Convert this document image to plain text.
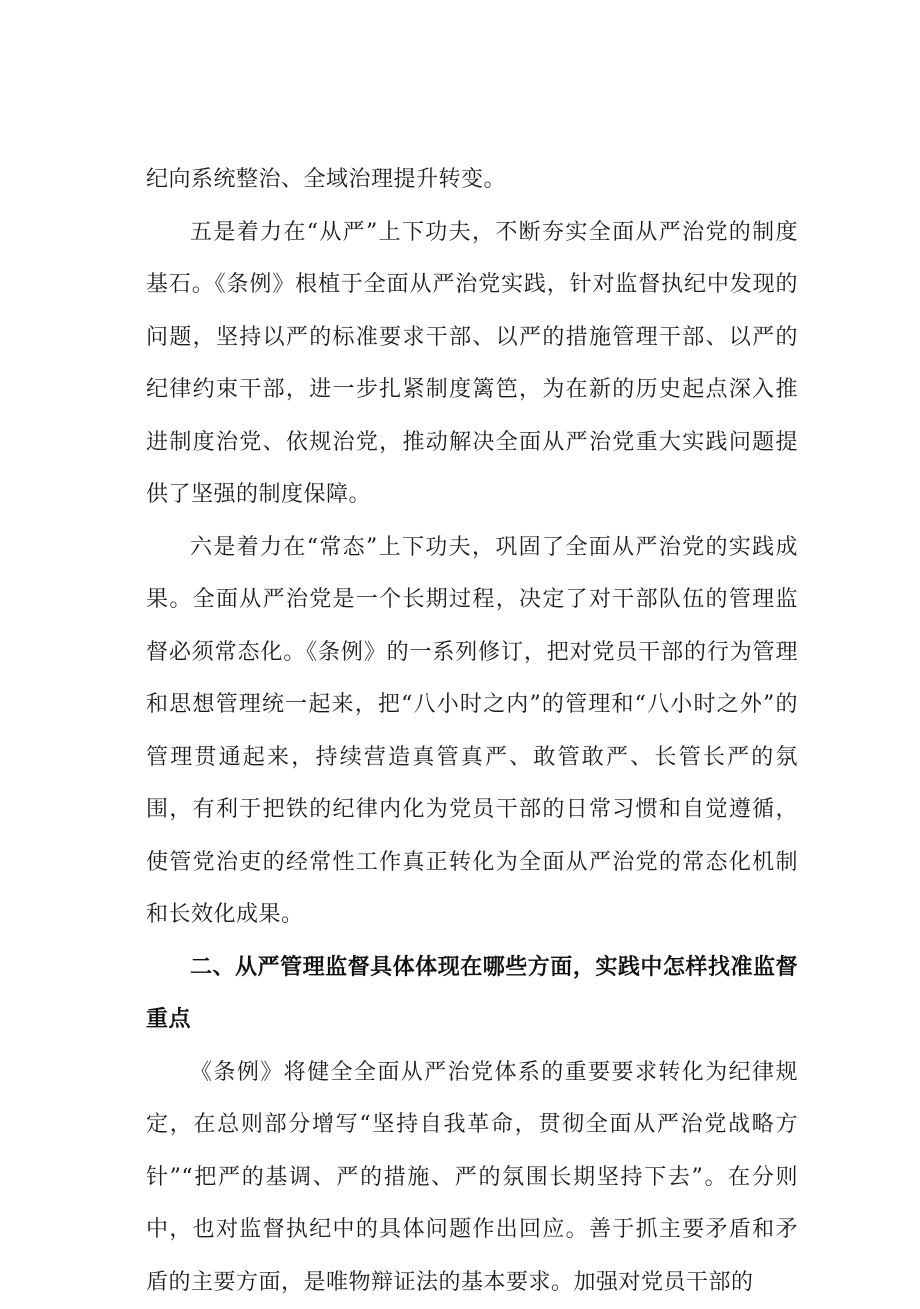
纪向系统整治、全域治理提升转变。

五是着力在“从严”上下功夫，不断夯实全面从严治党的制度基石。《条例》根植于全面从严治党实践，针对监督执纪中发现的问题，坚持以严的标准要求干部、以严的措施管理干部、以严的纪律约束干部，进一步扎紧制度篱笆，为在新的历史起点深入推进制度治党、依规治党，推动解决全面从严治党重大实践问题提供了坚强的制度保障。

六是着力在“常态”上下功夫，巩固了全面从严治党的实践成果。全面从严治党是一个长期过程，决定了对干部队伍的管理监督必须常态化。《条例》的一系列修订，把对党员干部的行为管理和思想管理统一起来，把“八小时之内”的管理和“八小时之外”的管理贯通起来，持续营造真管真严、敢管敢严、长管长严的氛围，有利于把铁的纪律内化为党员干部的日常习惯和自觉遵循，使管党治吏的经常性工作真正转化为全面从严治党的常态化机制和长效化成果。

二、从严管理监督具体体现在哪些方面，实践中怎样找准监督重点

《条例》将健全全面从严治党体系的重要要求转化为纪律规定，在总则部分增写“坚持自我革命，贯彻全面从严治党战略方针”“把严的基调、严的措施、严的氛围长期坚持下去”。在分则中，也对监督执纪中的具体问题作出回应。善于抓主要矛盾和矛盾的主要方面，是唯物辩证法的基本要求。加强对党员干部的
